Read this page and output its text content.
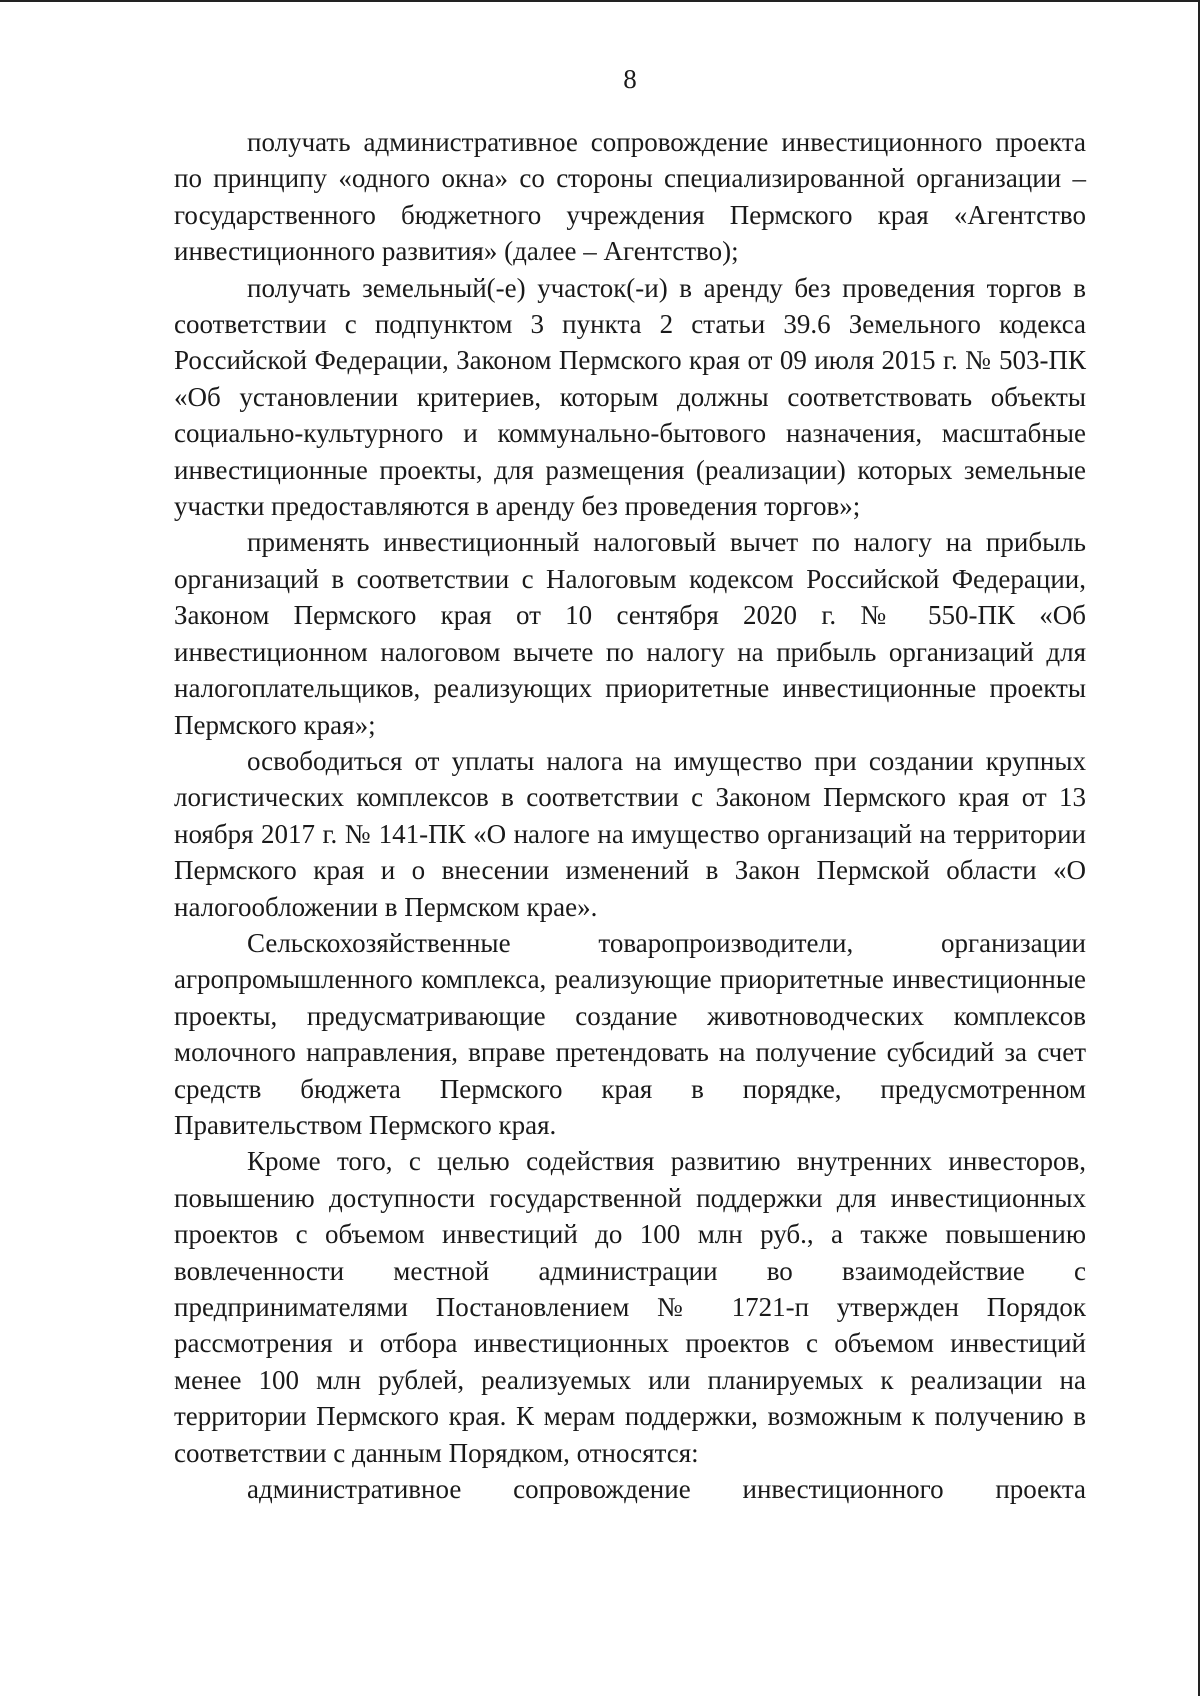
8

получать административное сопровождение инвестиционного проекта по принципу «одного окна» со стороны специализированной организации – государственного бюджетного учреждения Пермского края «Агентство инвестиционного развития» (далее – Агентство);

получать земельный(-е) участок(-и) в аренду без проведения торгов в соответствии с подпунктом 3 пункта 2 статьи 39.6 Земельного кодекса Российской Федерации, Законом Пермского края от 09 июля 2015 г. № 503-ПК «Об установлении критериев, которым должны соответствовать объекты социально-культурного и коммунально-бытового назначения, масштабные инвестиционные проекты, для размещения (реализации) которых земельные участки предоставляются в аренду без проведения торгов»;

применять инвестиционный налоговый вычет по налогу на прибыль организаций в соответствии с Налоговым кодексом Российской Федерации, Законом Пермского края от 10 сентября 2020 г. № 550-ПК «Об инвестиционном налоговом вычете по налогу на прибыль организаций для налогоплательщиков, реализующих приоритетные инвестиционные проекты Пермского края»;

освободиться от уплаты налога на имущество при создании крупных логистических комплексов в соответствии с Законом Пермского края от 13 ноября 2017 г. № 141-ПК «О налоге на имущество организаций на территории Пермского края и о внесении изменений в Закон Пермской области «О налогообложении в Пермском крае».

Сельскохозяйственные товаропроизводители, организации агропромышленного комплекса, реализующие приоритетные инвестиционные проекты, предусматривающие создание животноводческих комплексов молочного направления, вправе претендовать на получение субсидий за счет средств бюджета Пермского края в порядке, предусмотренном Правительством Пермского края.

Кроме того, с целью содействия развитию внутренних инвесторов, повышению доступности государственной поддержки для инвестиционных проектов с объемом инвестиций до 100 млн руб., а также повышению вовлеченности местной администрации во взаимодействие с предпринимателями Постановлением № 1721-п утвержден Порядок рассмотрения и отбора инвестиционных проектов с объемом инвестиций менее 100 млн рублей, реализуемых или планируемых к реализации на территории Пермского края. К мерам поддержки, возможным к получению в соответствии с данным Порядком, относятся:

административное сопровождение инвестиционного проекта
